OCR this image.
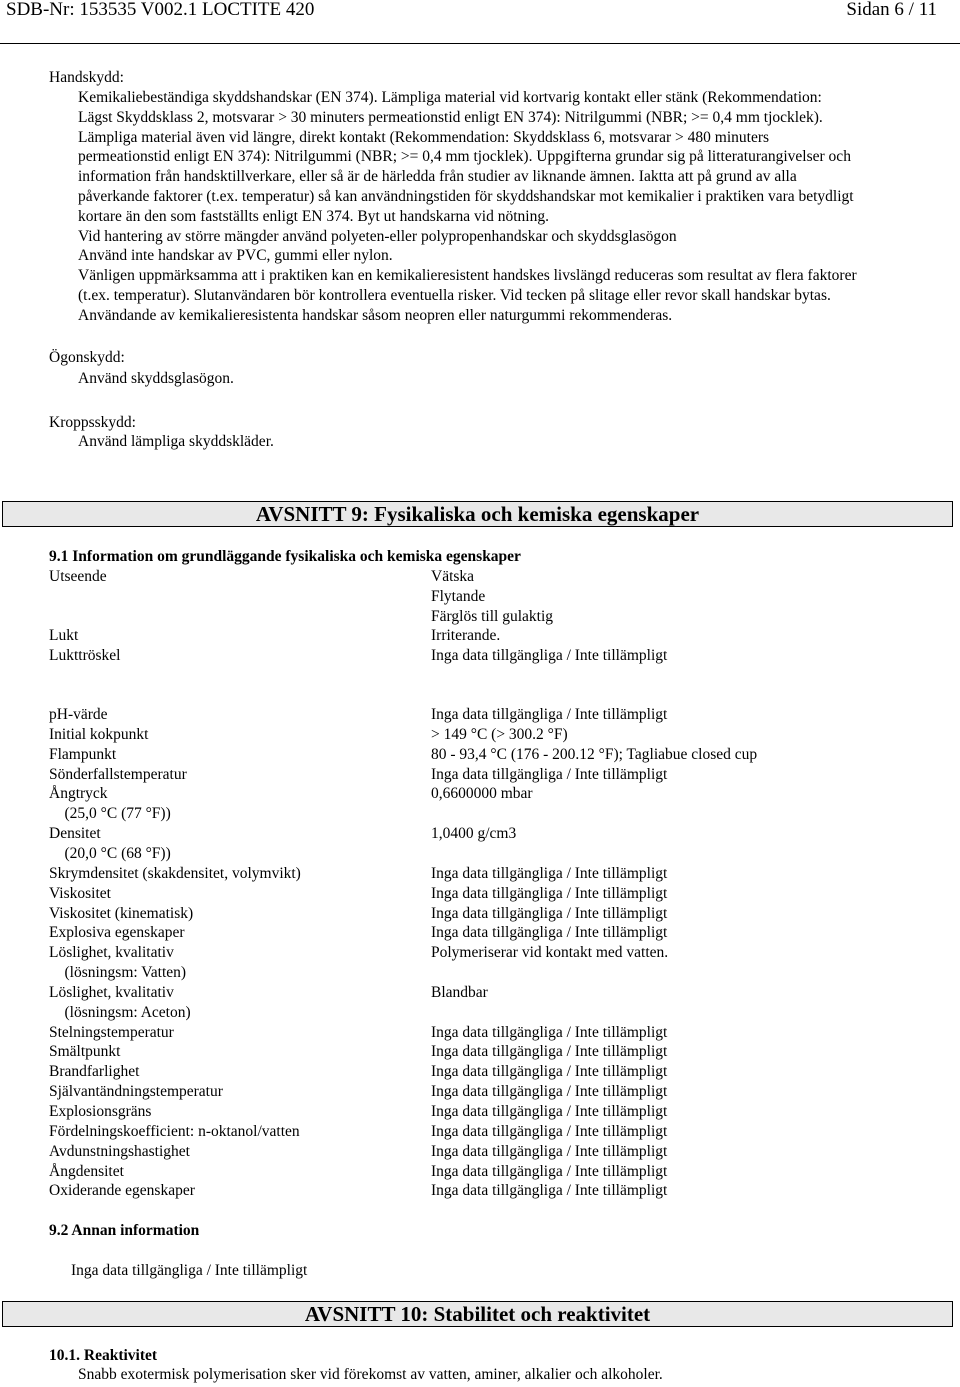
SDB-Nr: 153535 V002.1 LOCTITE 420	Sidan 6 / 11
Handskydd:
Kemikaliebeständiga skyddshandskar (EN 374). Lämpliga material vid kortvarig kontakt eller stänk (Rekommendation:
Lägst Skyddsklass 2, motsvarar > 30 minuters permeationstid enligt EN 374): Nitrilgummi (NBR; >= 0,4 mm tjocklek).
Lämpliga material även vid längre, direkt kontakt (Rekommendation: Skyddsklass 6, motsvarar > 480 minuters
permeationstid enligt EN 374): Nitrilgummi (NBR; >= 0,4 mm tjocklek). Uppgifterna grundar sig på litteraturangivelser och
information från handsktillverkare, eller så är de härledda från studier av liknande ämnen. Iaktta att på grund av alla
påverkande faktorer (t.ex. temperatur) så kan användningstiden för skyddshandskar mot kemikalier i praktiken vara betydligt
kortare än den som fastställts enligt EN 374. Byt ut handskarna vid nötning.
Vid hantering av större mängder använd polyeten-eller polypropenhandskar och skyddsglasögon
Använd inte handskar av PVC, gummi eller nylon.
Vänligen uppmärksamma att i praktiken kan en kemikalieresistent handskes livslängd reduceras som resultat av flera faktorer
(t.ex. temperatur). Slutanvändaren bör kontrollera eventuella risker. Vid tecken på slitage eller revor skall handskar bytas.
Användande av kemikalieresistenta handskar såsom neopren eller naturgummi rekommenderas.
Ögonskydd:
Använd skyddsglasögon.
Kroppsskydd:
Använd lämpliga skyddskläder.
AVSNITT 9: Fysikaliska och kemiska egenskaper
9.1 Information om grundläggande fysikaliska och kemiska egenskaper
Utseende	Vätska
Flytande
Färglös till gulaktig
Lukt	Irriterande.
Lukttröskel	Inga data tillgängliga / Inte tillämpligt
pH-värde	Inga data tillgängliga / Inte tillämpligt
Initial kokpunkt	> 149 °C (> 300.2 °F)
Flampunkt	80 - 93,4 °C (176 - 200.12 °F); Tagliabue closed cup
Sönderfallstemperatur	Inga data tillgängliga / Inte tillämpligt
Ångtryck	0,6600000 mbar
(25,0 °C (77 °F))
Densitet	1,0400 g/cm3
(20,0 °C (68 °F))
Skrymdensitet (skakdensitet, volymvikt)	Inga data tillgängliga / Inte tillämpligt
Viskositet	Inga data tillgängliga / Inte tillämpligt
Viskositet (kinematisk)	Inga data tillgängliga / Inte tillämpligt
Explosiva egenskaper	Inga data tillgängliga / Inte tillämpligt
Löslighet, kvalitativ	Polymeriserar vid kontakt med vatten.
(lösningsm: Vatten)
Löslighet, kvalitativ	Blandbar
(lösningsm: Aceton)
Stelningstemperatur	Inga data tillgängliga / Inte tillämpligt
Smältpunkt	Inga data tillgängliga / Inte tillämpligt
Brandfarlighet	Inga data tillgängliga / Inte tillämpligt
Självantändningstemperatur	Inga data tillgängliga / Inte tillämpligt
Explosionsgräns	Inga data tillgängliga / Inte tillämpligt
Fördelningskoefficient: n-oktanol/vatten	Inga data tillgängliga / Inte tillämpligt
Avdunstningshastighet	Inga data tillgängliga / Inte tillämpligt
Ångdensitet	Inga data tillgängliga / Inte tillämpligt
Oxiderande egenskaper	Inga data tillgängliga / Inte tillämpligt
9.2 Annan information
Inga data tillgängliga / Inte tillämpligt
AVSNITT 10: Stabilitet och reaktivitet
10.1. Reaktivitet
Snabb exotermisk polymerisation sker vid förekomst av vatten, aminer, alkalier och alkoholer.
